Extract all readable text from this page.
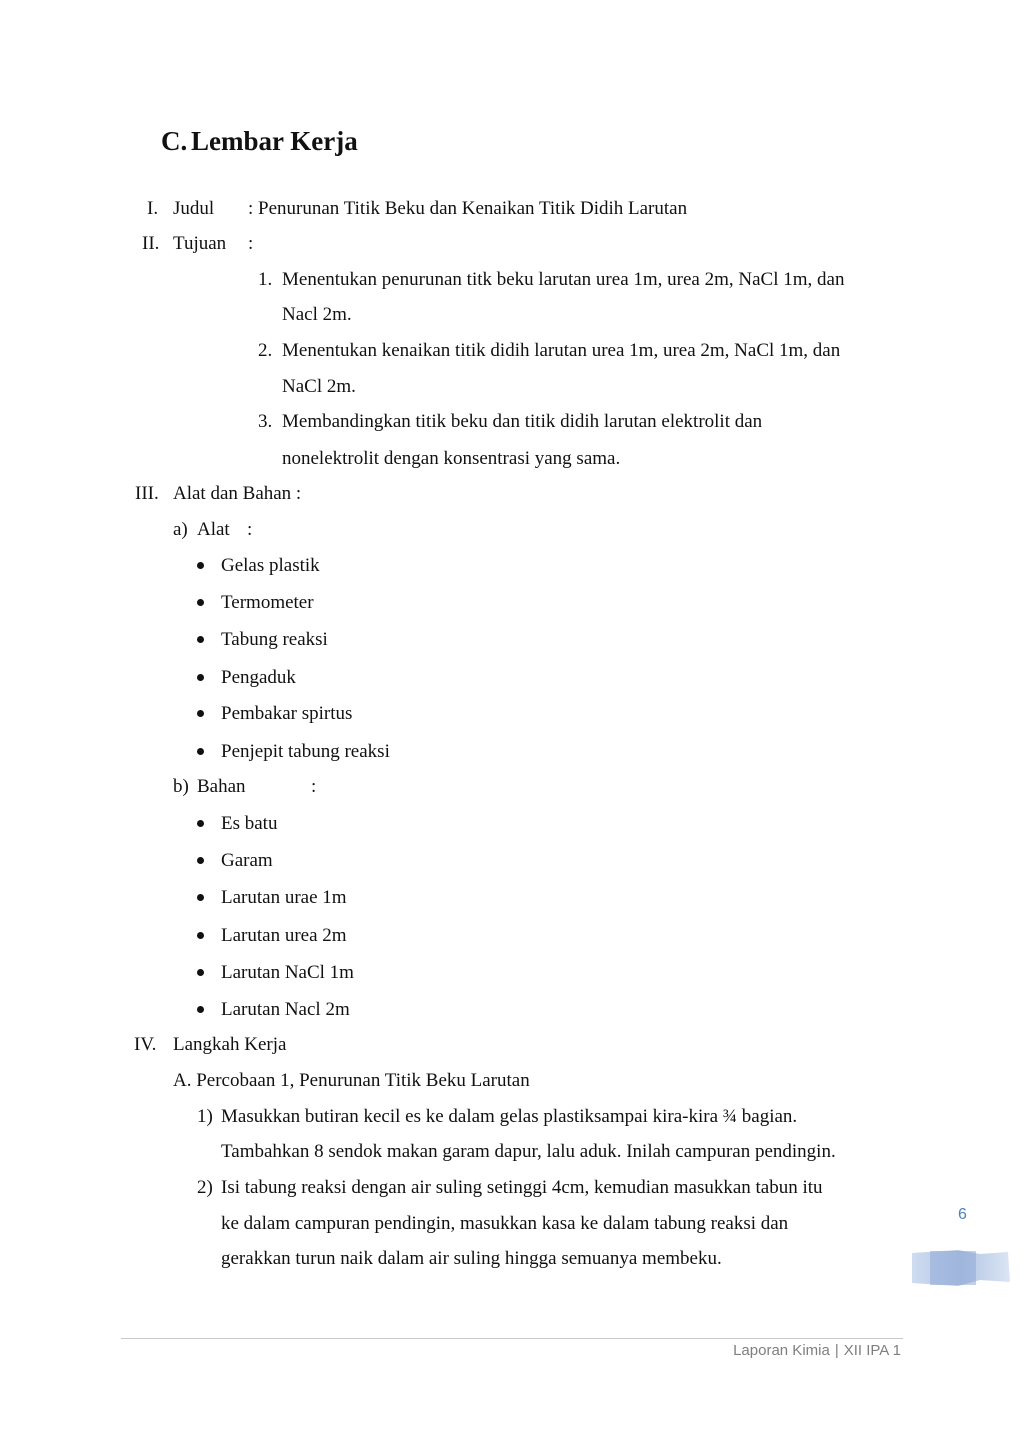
C. Lembar Kerja
I. Judul : Penurunan Titik Beku dan Kenaikan Titik Didih Larutan
II. Tujuan :
1. Menentukan penurunan titk beku larutan urea 1m, urea 2m, NaCl 1m, dan
Nacl 2m.
2. Menentukan kenaikan titik didih larutan urea 1m, urea 2m, NaCl 1m, dan
NaCl 2m.
3. Membandingkan titik beku dan titik didih larutan elektrolit dan
nonelektrolit dengan konsentrasi yang sama.
III. Alat dan Bahan :
a) Alat :
Gelas plastik
Termometer
Tabung reaksi
Pengaduk
Pembakar spirtus
Penjepit tabung reaksi
b) Bahan	:
Es batu
Garam
Larutan urae 1m
Larutan urea 2m
Larutan NaCl 1m
Larutan Nacl 2m
IV. Langkah Kerja
A. Percobaan 1, Penurunan Titik Beku Larutan
1) Masukkan butiran kecil es ke dalam gelas plastiksampai kira-kira ¾ bagian.
Tambahkan 8 sendok makan garam dapur, lalu aduk. Inilah campuran pendingin.
2) Isi tabung reaksi dengan air suling setinggi 4cm, kemudian masukkan tabun itu
ke dalam campuran pendingin, masukkan kasa ke dalam tabung reaksi dan
gerakkan turun naik dalam air suling hingga semuanya membeku.
6
Laporan Kimia | XII IPA 1
